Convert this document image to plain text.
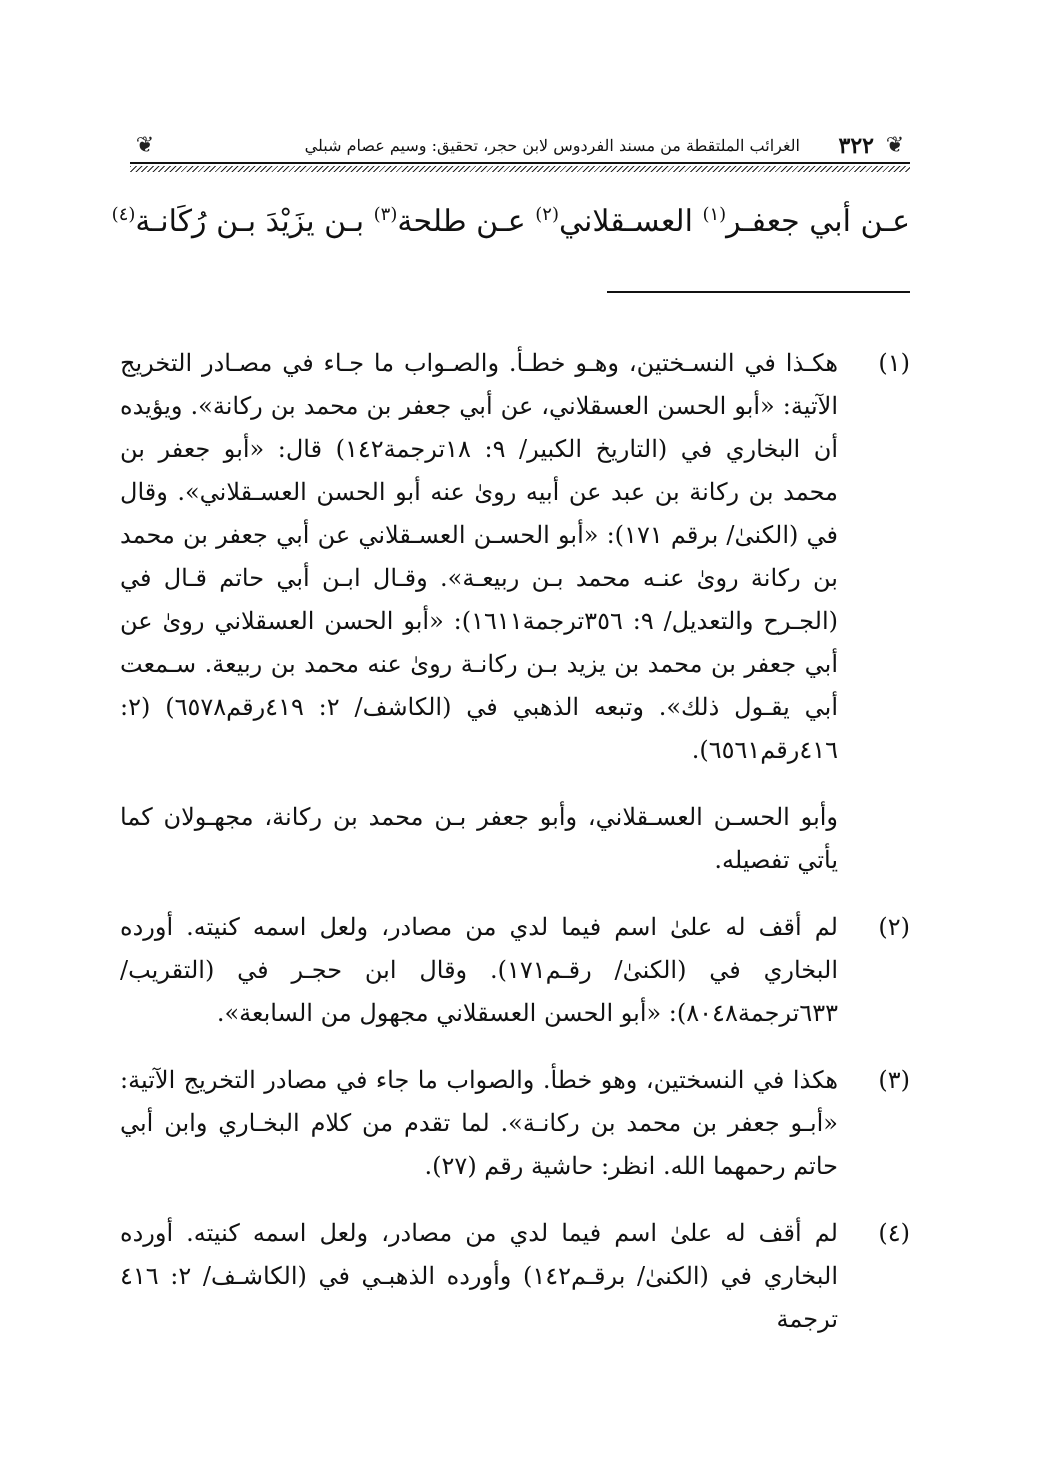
❦
٣٢٢
الغرائب الملتقطة من مسند الفردوس لابن حجر، تحقيق: وسيم عصام شبلي
❦
عـن أبي جعفـر$^{(١)}$ العسـقلاني$^{(٢)}$ عـن طلحة$^{(٣)}$ بـن يزَيْدَ بـن رُكَانـة$^{(٤)}$
(١)

هكـذا في النسـختين، وهـو خطـأ. والصـواب ما جـاء في مصـادر التخريج الآتية: «أبو الحسن العسقلاني، عن أبي جعفر بن محمد بن ركانة». ويؤيده أن البخاري في (التاريخ الكبير/ ٩: ١٨ترجمة١٤٢) قال: «أبو جعفر بن محمد بن ركانة بن عبد عن أبيه روىٰ عنه أبو الحسن العسـقلاني». وقال في (الكنىٰ/ برقم ١٧١): «أبو الحسـن العسـقلاني عن أبي جعفر بن محمد بن ركانة روىٰ عنـه محمد بـن ربيعـة». وقـال ابـن أبي حاتم قـال في (الجـرح والتعديل/ ٩: ٣٥٦ترجمة١٦١١): «أبو الحسن العسقلاني روىٰ عن أبي جعفر بن محمد بن يزيد بـن ركانـة روىٰ عنه محمد بن ربيعة. سـمعت أبي يقـول ذلك». وتبعه الذهبي في (الكاشف/ ٢: ٤١٩رقم٦٥٧٨) (٢: ٤١٦رقم٦٥٦١).

وأبو الحسـن العسـقلاني، وأبو جعفر بـن محمد بن ركانة، مجهـولان كما يأتي تفصيله.

(٢)

لم أقف له علىٰ اسم فيما لدي من مصادر، ولعل اسمه كنيته. أورده البخاري في (الكنىٰ/ رقـم١٧١). وقال ابن حجـر في (التقريب/ ٦٣٣ترجمة٨٠٤٨): «أبو الحسن العسقلاني مجهول من السابعة».

(٣)

هكذا في النسختين، وهو خطأ. والصواب ما جاء في مصادر التخريج الآتية: «أبـو جعفر بن محمد بن ركانـة». لما تقدم من كلام البخـاري وابن أبي حاتم رحمهما الله. انظر: حاشية رقم (٢٧).

(٤)

لم أقف له علىٰ اسم فيما لدي من مصادر، ولعل اسمه كنيته. أورده البخاري في (الكنىٰ/ برقـم١٤٢) وأورده الذهبـي في (الكاشـف/ ٢: ٤١٦ ترجمة
